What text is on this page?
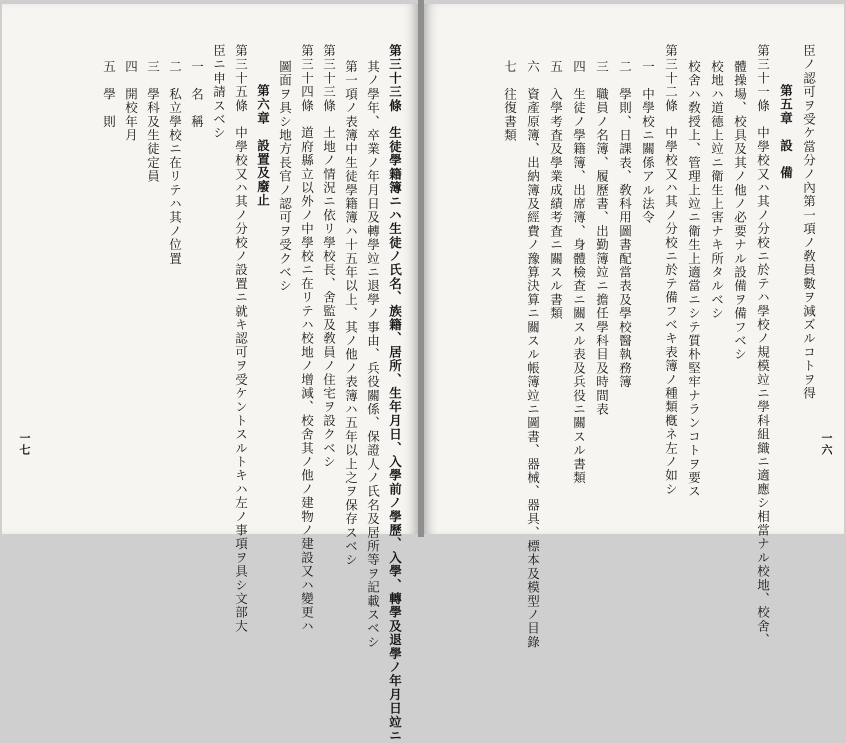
一七	第三十三條　生徒學籍簿ニハ生徒ノ氏名、族籍、居所、生年月日、入學前ノ學歷、入學、轉學及退學ノ年月日竝ニ
其ノ學年、卒業ノ年月日及轉學竝ニ退學ノ事由、兵役關係、保證人ノ氏名及居所等ヲ記載スベシ
第一項ノ表簿中生徒學籍簿ハ十五年以上、其ノ他ノ表簿ハ五年以上之ヲ保存スベシ
第三十三條　土地ノ情況ニ依リ學校長、舍監及敎員ノ住宅ヲ設クベシ
第三十四條　道府縣立以外ノ中學校ニ在リテハ校地ノ增減、校舍其ノ他ノ建物ノ建設又ハ變更ハ
圖面ヲ具シ地方長官ノ認可ヲ受クベシ
第六章　設置及廢止
第三十五條　中學校又ハ其ノ分校ノ設置ニ就キ認可ヲ受ケントスルトキハ左ノ事項ヲ具シ文部大
臣ニ申請スベシ
一　名　稱
二　私立學校ニ在リテハ其ノ位置
三　學科及生徒定員
四　開校年月
五　學　則
一六
臣ノ認可ヲ受ケ當分ノ內第一項ノ敎員數ヲ減ズルコトヲ得
第五章　設　備
第三十一條　中學校又ハ其ノ分校ニ於テハ學校ノ規模竝ニ學科組織ニ適應シ相當ナル校地、校舍、
體操場、校具及其ノ他ノ必要ナル設備ヲ備フベシ
校地ハ道德上竝ニ衛生上害ナキ所タルベシ
校舍ハ敎授上、管理上竝ニ衛生上適當ニシテ質朴堅牢ナランコトヲ要ス
第三十二條　中學校又ハ其ノ分校ニ於テ備フベキ表簿ノ種類槪ネ左ノ如シ
一　中學校ニ關係アル法令
二　學則、日課表、敎科用圖書配當表及學校醫執務簿
三　職員ノ名簿、履歷書、出勤簿竝ニ擔任學科目及時間表
四　生徒ノ學籍簿、出席簿、身體檢查ニ關スル表及兵役ニ關スル書類
五　入學考査及學業成績考査ニ關スル書類
六　資產原簿、出納簿及經費ノ豫算決算ニ關スル帳簿竝ニ圖書、器械、器具、標本及模型ノ目錄
七　往復書類
